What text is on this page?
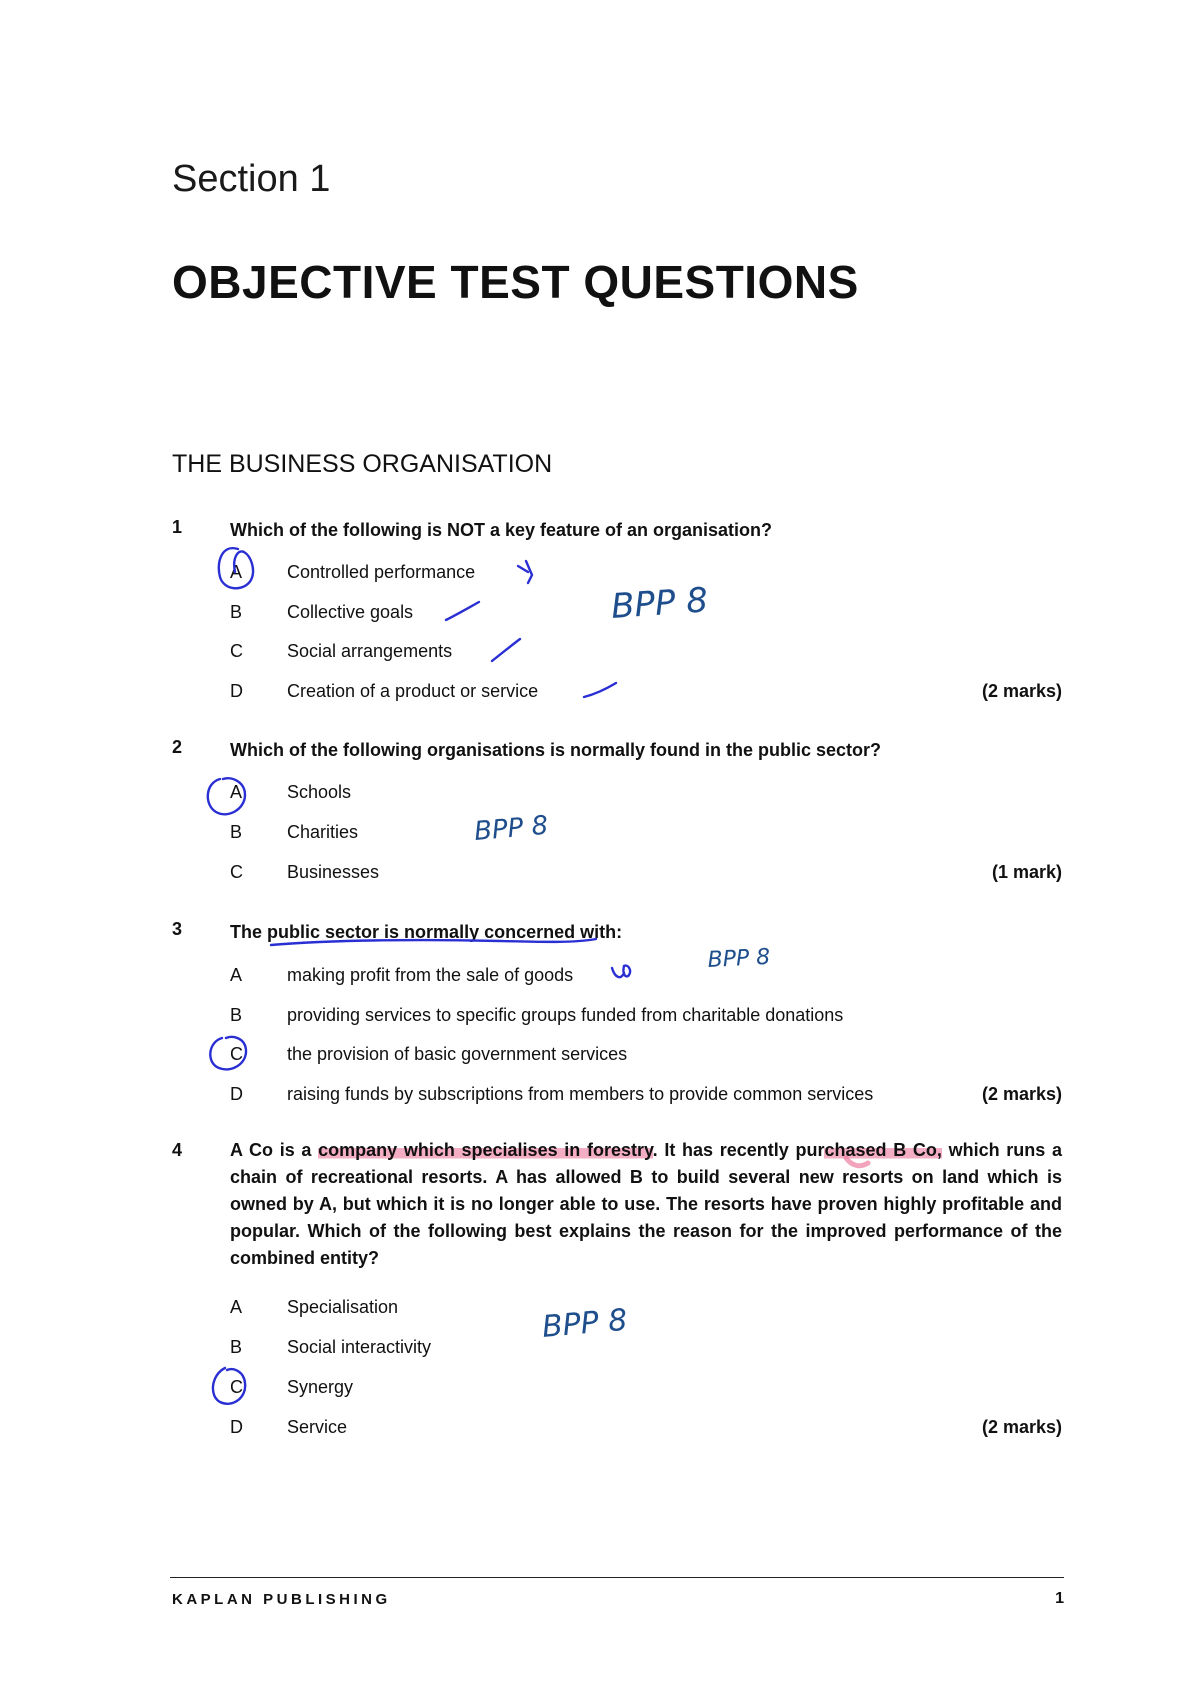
Section 1
OBJECTIVE TEST QUESTIONS
THE BUSINESS ORGANISATION
1	Which of the following is NOT a key feature of an organisation?
A Controlled performance
B Collective goals
C Social arrangements
D Creation of a product or service	(2 marks)
2	Which of the following organisations is normally found in the public sector?
A Schools
B Charities
C Businesses	(1 mark)
3	The public sector is normally concerned with:
A making profit from the sale of goods
B providing services to specific groups funded from charitable donations
C the provision of basic government services
D raising funds by subscriptions from members to provide common services	(2 marks)
4	A Co is a company which specialises in forestry. It has recently purchased B Co, which runs a chain of recreational resorts. A has allowed B to build several new resorts on land which is owned by A, but which it is no longer able to use. The resorts have proven highly profitable and popular. Which of the following best explains the reason for the improved performance of the combined entity?
A Specialisation
B Social interactivity
C Synergy
D Service	(2 marks)
BPP 8
BPP 8
BPP 8
BPP 8
KAPLAN PUBLISHING	1
